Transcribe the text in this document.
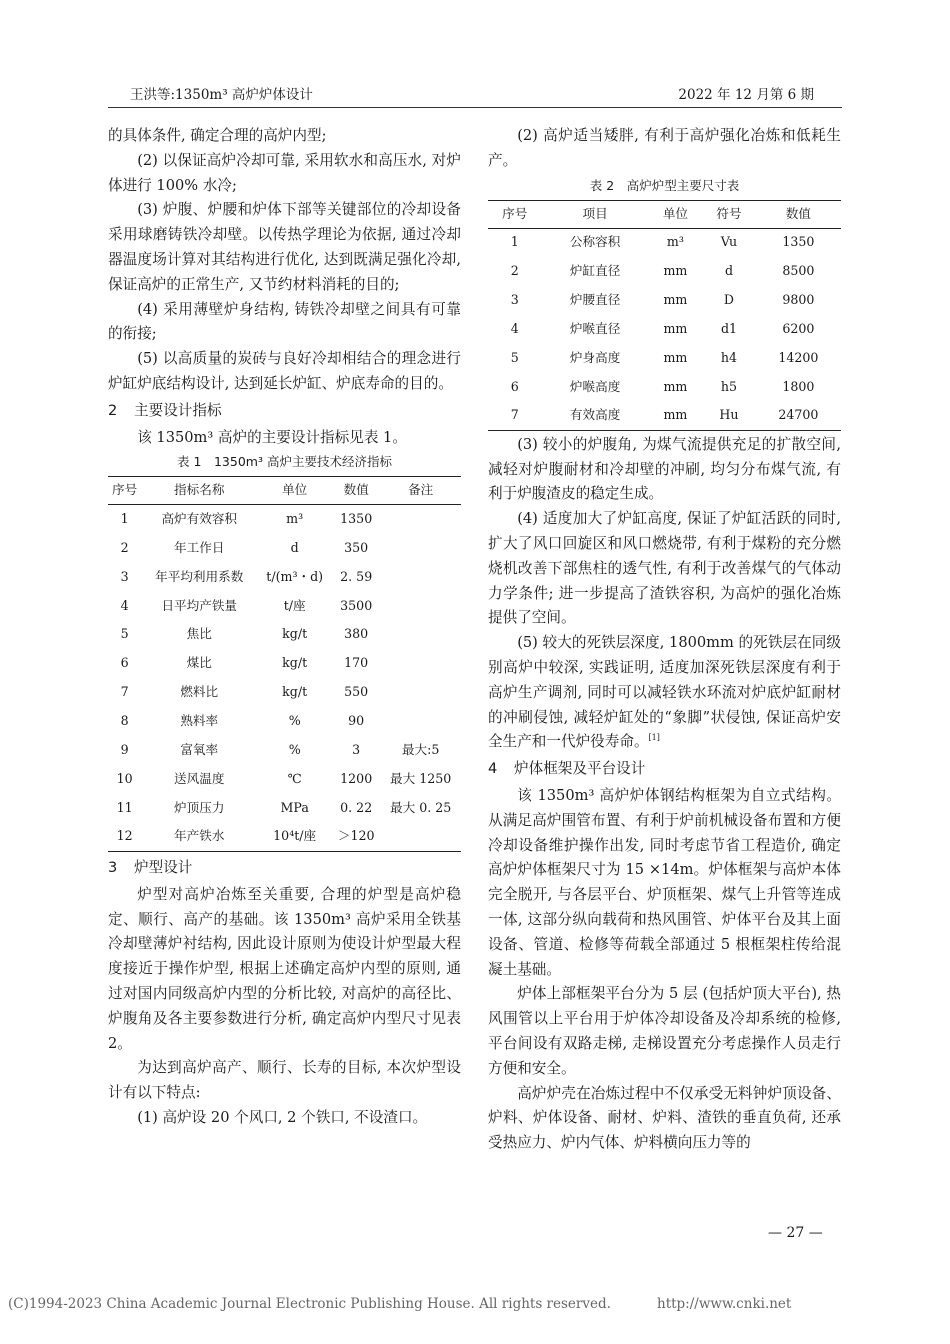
王洪等:1350m³ 高炉炉体设计	2022 年 12 月第 6 期

的具体条件, 确定合理的高炉内型;

(2) 以保证高炉冷却可靠, 采用软水和高压水, 对炉体进行 100% 水冷;

(3) 炉腹、炉腰和炉体下部等关键部位的冷却设备采用球磨铸铁冷却壁。以传热学理论为依据, 通过冷却器温度场计算对其结构进行优化, 达到既满足强化冷却, 保证高炉的正常生产, 又节约材料消耗的目的;

(4) 采用薄壁炉身结构, 铸铁冷却壁之间具有可靠的衔接;

(5) 以高质量的炭砖与良好冷却相结合的理念进行炉缸炉底结构设计, 达到延长炉缸、炉底寿命的目的。

2 主要设计指标

该 1350m³ 高炉的主要设计指标见表 1。

表 1　1350m³ 高炉主要技术经济指标
序号	指标名称	单位	数值	备注
1	高炉有效容积	m³	1350	
2	年工作日	d	350	
3	年平均利用系数	t/(m³・d)	2. 59	
4	日平均产铁量	t/座	3500	
5	焦比	kg/t	380	
6	煤比	kg/t	170	
7	燃料比	kg/t	550	
8	熟料率	%	90	
9	富氧率	%	3	最大:5
10	送风温度	℃	1200	最大 1250
11	炉顶压力	MPa	0. 22	最大 0. 25
12	年产铁水	10⁴t/座	＞120	
3 炉型设计

炉型对高炉冶炼至关重要, 合理的炉型是高炉稳定、顺行、高产的基础。该 1350m³ 高炉采用全铁基冷却壁薄炉衬结构, 因此设计原则为使设计炉型最大程度接近于操作炉型, 根据上述确定高炉内型的原则, 通过对国内同级高炉内型的分析比较, 对高炉的高径比、炉腹角及各主要参数进行分析, 确定高炉内型尺寸见表 2。

为达到高炉高产、顺行、长寿的目标, 本次炉型设计有以下特点:

(1) 高炉设 20 个风口, 2 个铁口, 不设渣口。

(2) 高炉适当矮胖, 有利于高炉强化冶炼和低耗生产。

表 2　高炉炉型主要尺寸表
序号	项目	单位	符号	数值
1	公称容积	m³	Vu	1350
2	炉缸直径	mm	d	8500
3	炉腰直径	mm	D	9800
4	炉喉直径	mm	d1	6200
5	炉身高度	mm	h4	14200
6	炉喉高度	mm	h5	1800
7	有效高度	mm	Hu	24700

(3) 较小的炉腹角, 为煤气流提供充足的扩散空间, 减轻对炉腹耐材和冷却壁的冲刷, 均匀分布煤气流, 有利于炉腹渣皮的稳定生成。

(4) 适度加大了炉缸高度, 保证了炉缸活跃的同时, 扩大了风口回旋区和风口燃烧带, 有利于煤粉的充分燃烧机改善下部焦柱的透气性, 有利于改善煤气的气体动力学条件; 进一步提高了渣铁容积, 为高炉的强化冶炼提供了空间。

(5) 较大的死铁层深度, 1800mm 的死铁层在同级别高炉中较深, 实践证明, 适度加深死铁层深度有利于高炉生产调剂, 同时可以减轻铁水环流对炉底炉缸耐材的冲刷侵蚀, 减轻炉缸处的“象脚”状侵蚀, 保证高炉安全生产和一代炉役寿命。[1]

4 炉体框架及平台设计

该 1350m³ 高炉炉体钢结构框架为自立式结构。从满足高炉围管布置、有利于炉前机械设备布置和方便冷却设备维护操作出发, 同时考虑节省工程造价, 确定高炉炉体框架尺寸为 15 ×14m。炉体框架与高炉本体完全脱开, 与各层平台、炉顶框架、煤气上升管等连成一体, 这部分纵向载荷和热风围管、炉体平台及其上面设备、管道、检修等荷载全部通过 5 根框架柱传给混凝土基础。

炉体上部框架平台分为 5 层 (包括炉顶大平台), 热风围管以上平台用于炉体冷却设备及冷却系统的检修, 平台间设有双路走梯, 走梯设置充分考虑操作人员走行方便和安全。

高炉炉壳在冶炼过程中不仅承受无料钟炉顶设备、炉料、炉体设备、耐材、炉料、渣铁的垂直负荷, 还承受热应力、炉内气体、炉料横向压力等的

— 27 —
(C)1994-2023 China Academic Journal Electronic Publishing House. All rights reserved.	http://www.cnki.net
